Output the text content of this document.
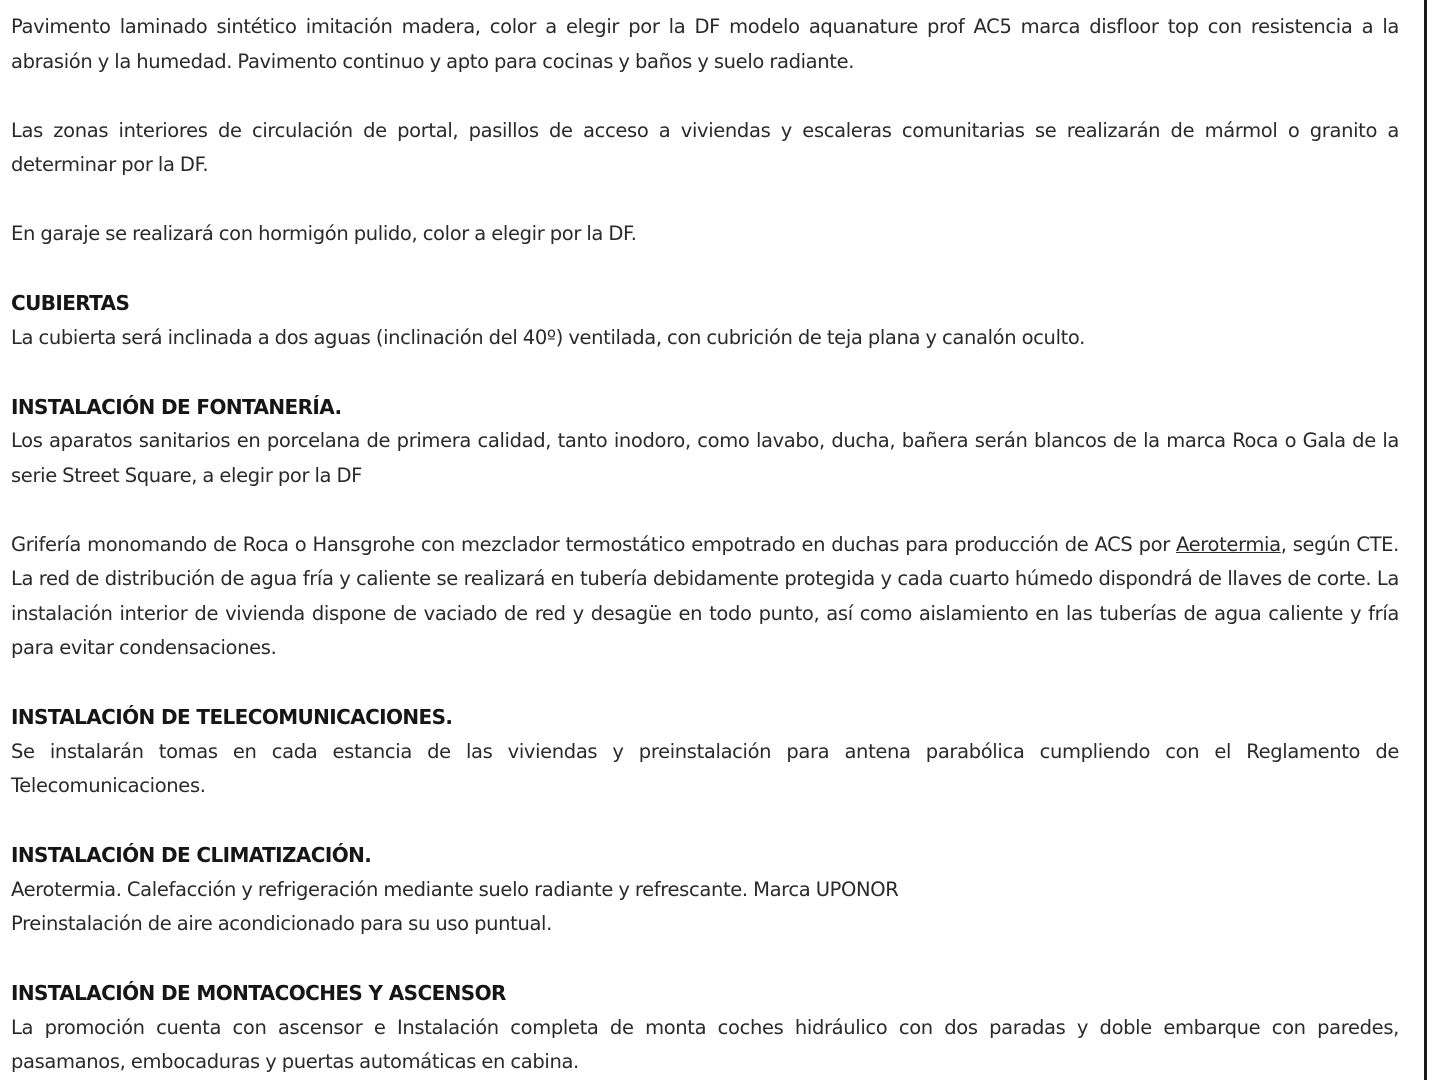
Pavimento laminado sintético imitación madera, color a elegir por la DF modelo aquanature prof AC5 marca disfloor top con resistencia a la abrasión y la humedad. Pavimento continuo y apto para cocinas y baños y suelo radiante.

Las zonas interiores de circulación de portal, pasillos de acceso a viviendas y escaleras comunitarias se realizarán de mármol o granito a determinar por la DF.

En garaje se realizará con hormigón pulido, color a elegir por la DF.

CUBIERTAS

La cubierta será inclinada a dos aguas (inclinación del 40º) ventilada, con cubrición de teja plana y canalón oculto.

INSTALACIÓN DE FONTANERÍA.

Los aparatos sanitarios en porcelana de primera calidad, tanto inodoro, como lavabo, ducha, bañera serán blancos de la marca Roca o Gala de la serie Street Square, a elegir por la DF

Grifería monomando de Roca o Hansgrohe con mezclador termostático empotrado en duchas para producción de ACS por Aerotermia, según CTE. La red de distribución de agua fría y caliente se realizará en tubería debidamente protegida y cada cuarto húmedo dispondrá de llaves de corte. La instalación interior de vivienda dispone de vaciado de red y desagüe en todo punto, así como aislamiento en las tuberías de agua caliente y fría para evitar condensaciones.

INSTALACIÓN DE TELECOMUNICACIONES.

Se instalarán tomas en cada estancia de las viviendas y preinstalación para antena parabólica cumpliendo con el Reglamento de Telecomunicaciones.

INSTALACIÓN DE CLIMATIZACIÓN.

Aerotermia. Calefacción y refrigeración mediante suelo radiante y refrescante. Marca UPONOR

Preinstalación de aire acondicionado para su uso puntual.

INSTALACIÓN DE MONTACOCHES Y ASCENSOR

La promoción cuenta con ascensor e Instalación completa de monta coches hidráulico con dos paradas y doble embarque con paredes, pasamanos, embocaduras y puertas automáticas en cabina.
